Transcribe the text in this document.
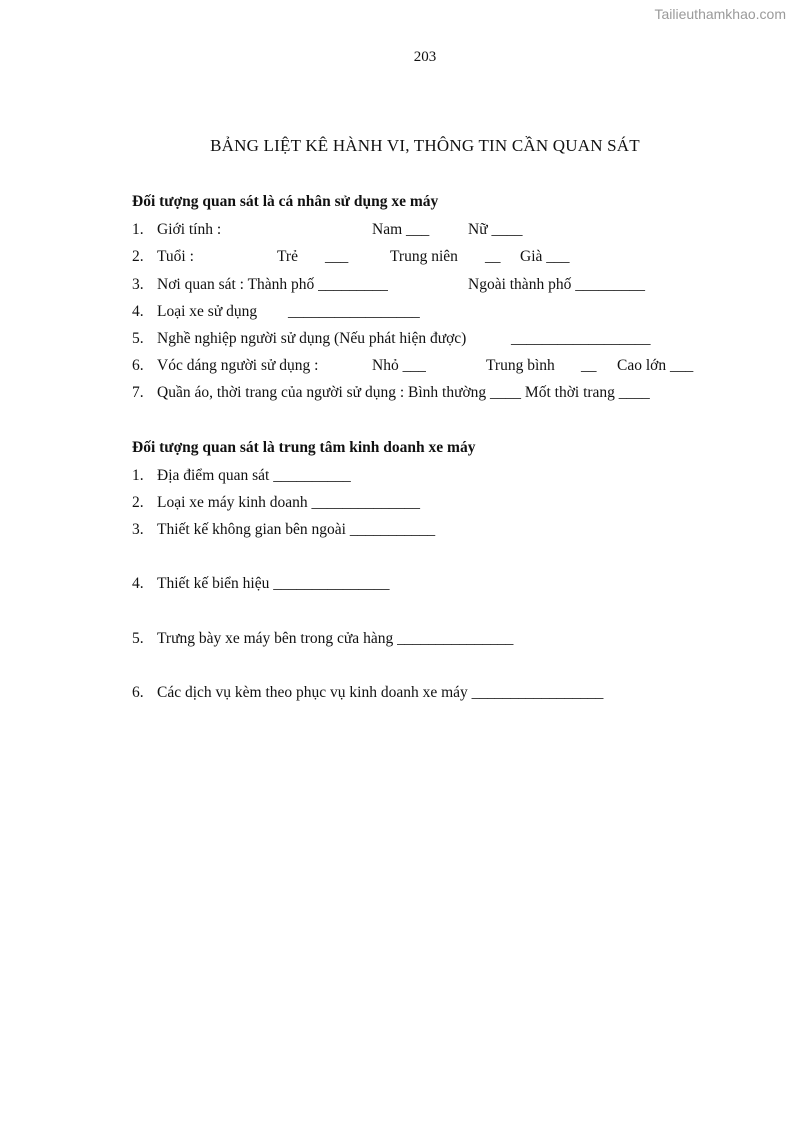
Tailieuthamkhao.com
203
BẢNG LIỆT KÊ HÀNH VI, THÔNG TIN CẦN QUAN SÁT
Đối tượng quan sát là cá nhân sử dụng xe máy
1. Giới tính :	Nam ___ Nữ ____
2. Tuổi :	Trẻ ___	Trung niên __ Già ___
3. Nơi quan sát : Thành phố _________	Ngoài thành phố _________
4. Loại xe sử dụng _________________
5. Nghề nghiệp người sử dụng (Nếu phát hiện được)	__________________
6. Vóc dáng người sử dụng :	Nhỏ ___	Trung bình __ Cao lớn ___
7. Quần áo, thời trang của người sử dụng : Bình thường ____ Mốt thời trang ____
Đối tượng quan sát là trung tâm kinh doanh xe máy
1. Địa điểm quan sát __________
2. Loại xe máy kinh doanh ______________
3. Thiết kế không gian bên ngoài ___________
4. Thiết kế biển hiệu _______________
5. Trưng bày xe máy bên trong cửa hàng _______________
6. Các dịch vụ kèm theo phục vụ kinh doanh xe máy _________________
